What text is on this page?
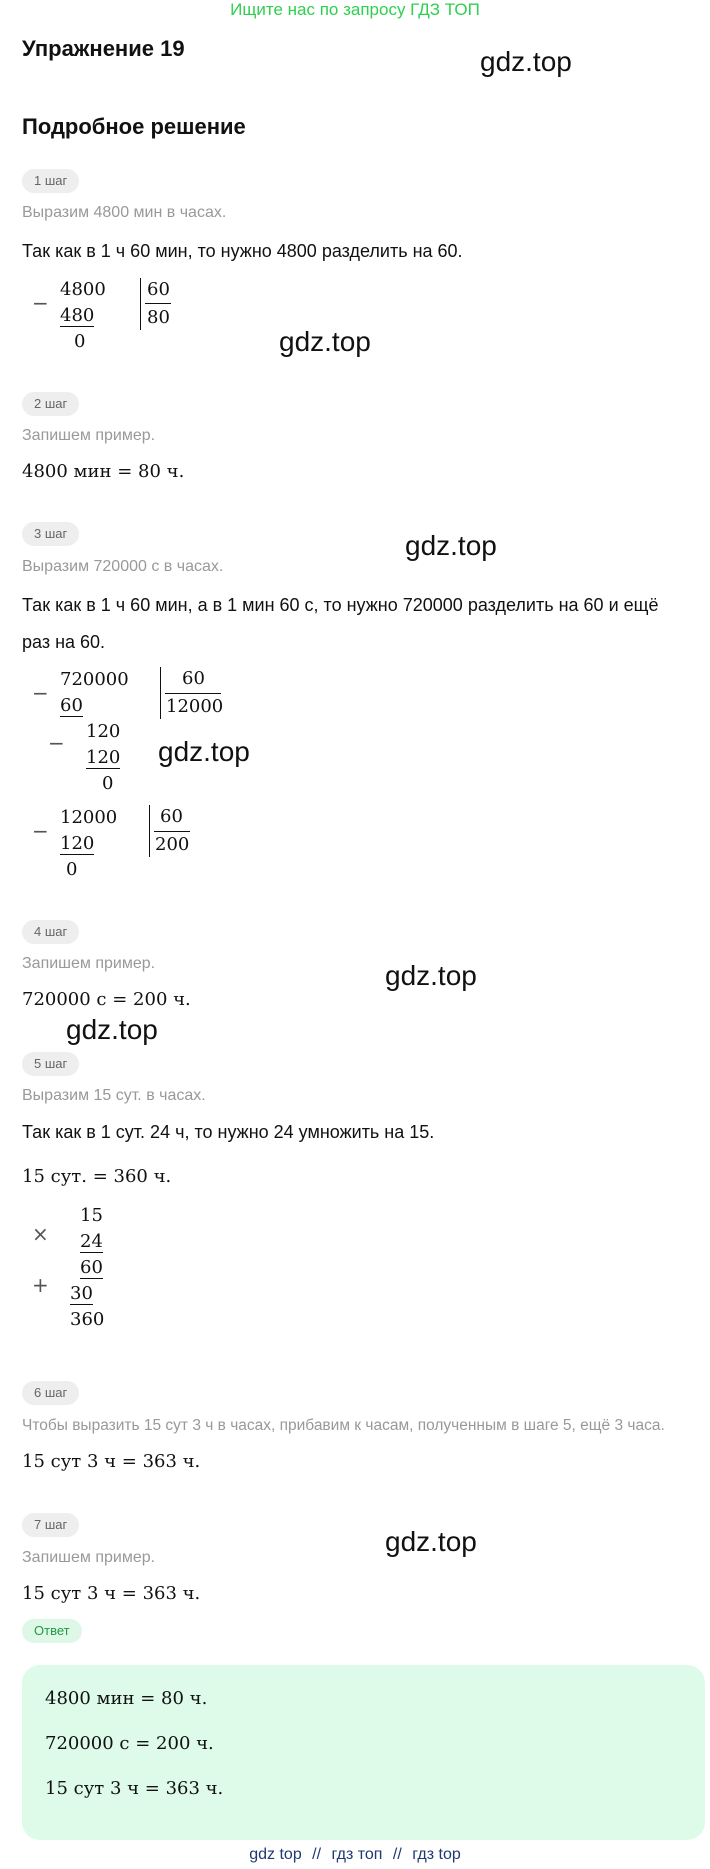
Ищите нас по запросу ГДЗ ТОП
Упражнение 19
Подробное решение
gdz.top
gdz.top
gdz.top
gdz.top
gdz.top
gdz.top
gdz.top
1 шаг
Выразим 4800 мин в часах.
Так как в 1 ч 60 мин, то нужно 4800 разделить на 60.
−
4800
480
0
60
80
2 шаг
Запишем пример.
4800 мин = 80 ч.
3 шаг
Выразим 720000 с в часах.
Так как в 1 ч 60 мин, а в 1 мин 60 с, то нужно 720000 разделить на 60 и ещё
раз на 60.
−
720000
60
− 120
120
0
60
12000
−
12000
120
0
60
200
4 шаг
Запишем пример.
720000 с = 200 ч.
5 шаг
Выразим 15 сут. в часах.
Так как в 1 сут. 24 ч, то нужно 24 умножить на 15.
15 сут. = 360 ч.
×
15
24
60
+ 30
360
6 шаг
Чтобы выразить 15 сут 3 ч в часах, прибавим к часам, полученным в шаге 5, ещё 3 часа.
15 сут 3 ч = 363 ч.
7 шаг
Запишем пример.
15 сут 3 ч = 363 ч.
Ответ
4800 мин = 80 ч.
720000 с = 200 ч.
15 сут 3 ч = 363 ч.
gdz top // гдз топ // гдз top
